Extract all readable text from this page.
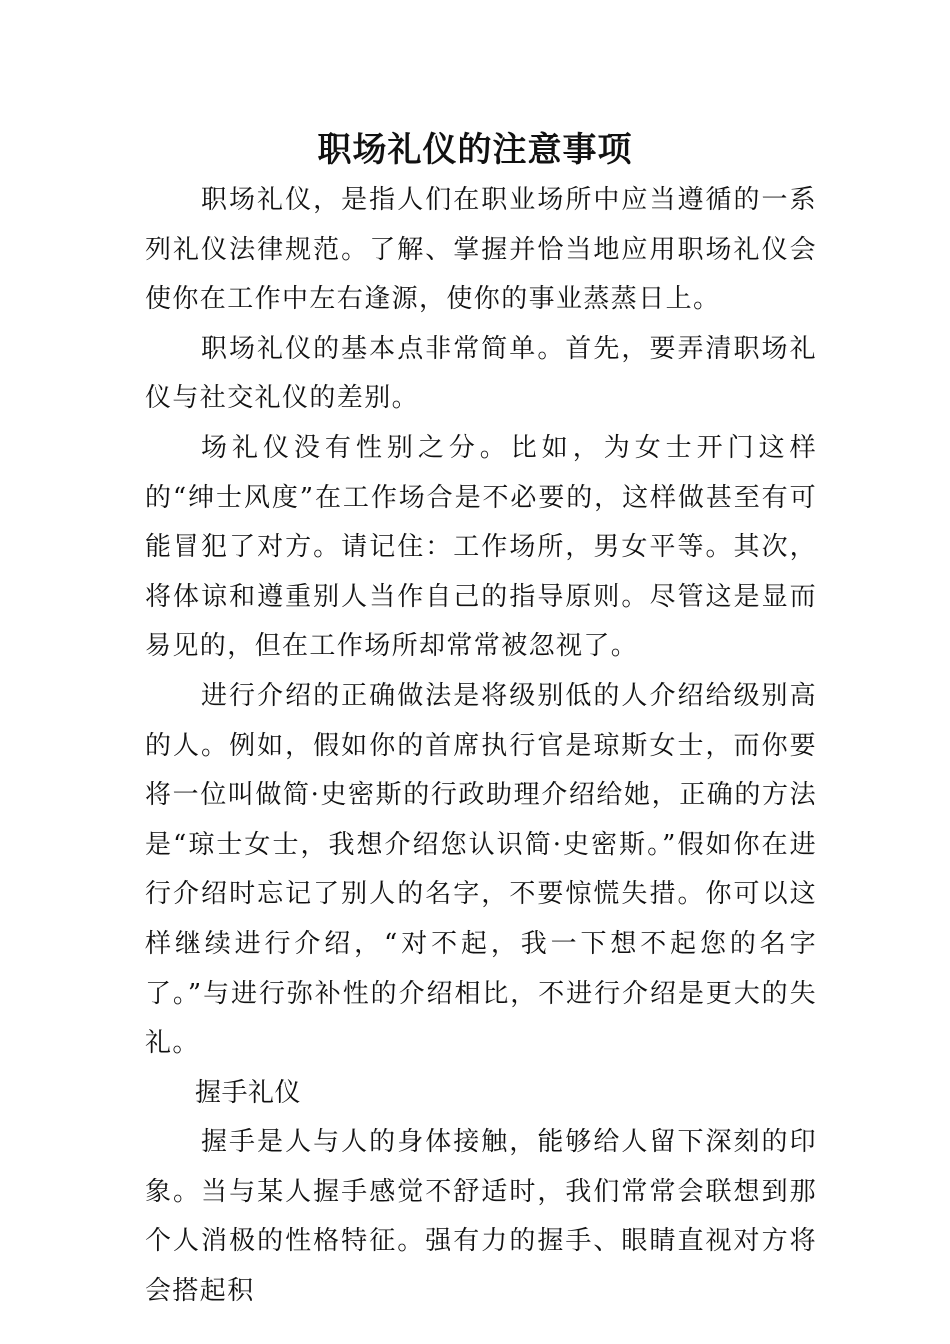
职场礼仪的注意事项

职场礼仪，是指人们在职业场所中应当遵循的一系列礼仪法律规范。了解、掌握并恰当地应用职场礼仪会使你在工作中左右逢源，使你的事业蒸蒸日上。

职场礼仪的基本点非常简单。首先，要弄清职场礼仪与社交礼仪的差别。

场礼仪没有性别之分。比如，为女士开门这样的“绅士风度”在工作场合是不必要的，这样做甚至有可能冒犯了对方。请记住：工作场所，男女平等。其次，将体谅和遵重别人当作自己的指导原则。尽管这是显而易见的，但在工作场所却常常被忽视了。

进行介绍的正确做法是将级别低的人介绍给级别高的人。例如，假如你的首席执行官是琼斯女士，而你要将一位叫做简·史密斯的行政助理介绍给她，正确的方法是“琼士女士，我想介绍您认识简·史密斯。”假如你在进行介绍时忘记了别人的名字，不要惊慌失措。你可以这样继续进行介绍，“对不起，我一下想不起您的名字了。”与进行弥补性的介绍相比，不进行介绍是更大的失礼。

握手礼仪

握手是人与人的身体接触，能够给人留下深刻的印象。当与某人握手感觉不舒适时，我们常常会联想到那个人消极的性格特征。强有力的握手、眼睛直视对方将会搭起积
